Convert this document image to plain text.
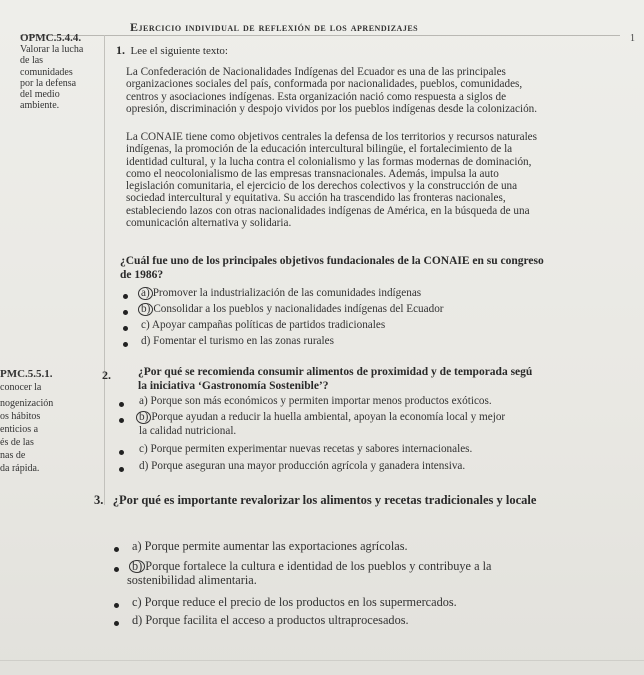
Ejercicio individual de reflexión de los aprendizajes
1
OPMC.5.4.4.
Valorar la lucha
de las
comunidades
por la defensa
del medio
ambiente.
1. Lee el siguiente texto:
La Confederación de Nacionalidades Indígenas del Ecuador es una de las principales
organizaciones sociales del país, conformada por nacionalidades, pueblos, comunidades,
centros y asociaciones indígenas. Esta organización nació como respuesta a siglos de
opresión, discriminación y despojo vividos por los pueblos indígenas desde la colonización.
La CONAIE tiene como objetivos centrales la defensa de los territorios y recursos naturales
indígenas, la promoción de la educación intercultural bilingüe, el fortalecimiento de la
identidad cultural, y la lucha contra el colonialismo y las formas modernas de dominación,
como el neocolonialismo de las empresas transnacionales. Además, impulsa la auto
legislación comunitaria, el ejercicio de los derechos colectivos y la construcción de una
sociedad intercultural y equitativa. Su acción ha trascendido las fronteras nacionales,
estableciendo lazos con otras nacionalidades indígenas de América, en la búsqueda de una
comunicación alternativa y solidaria.
¿Cuál fue uno de los principales objetivos fundacionales de la CONAIE en su congreso
de 1986?
a) Promover la industrialización de las comunidades indígenas
b) Consolidar a los pueblos y nacionalidades indígenas del Ecuador
c) Apoyar campañas políticas de partidos tradicionales
d) Fomentar el turismo en las zonas rurales
PMC.5.5.1.
conocer la
nogenización
os hábitos
enticios a
és de las
nas de
da rápida.
2. ¿Por qué se recomienda consumir alimentos de proximidad y de temporada segú
la iniciativa ‘Gastronomía Sostenible’?
a) Porque son más económicos y permiten importar menos productos exóticos.
b) Porque ayudan a reducir la huella ambiental, apoyan la economía local y mejor
la calidad nutricional.
c) Porque permiten experimentar nuevas recetas y sabores internacionales.
d) Porque aseguran una mayor producción agrícola y ganadera intensiva.
3. ¿Por qué es importante revalorizar los alimentos y recetas tradicionales y locale
a) Porque permite aumentar las exportaciones agrícolas.
b) Porque fortalece la cultura e identidad de los pueblos y contribuye a la
sostenibilidad alimentaria.
c) Porque reduce el precio de los productos en los supermercados.
d) Porque facilita el acceso a productos ultraprocesados.
